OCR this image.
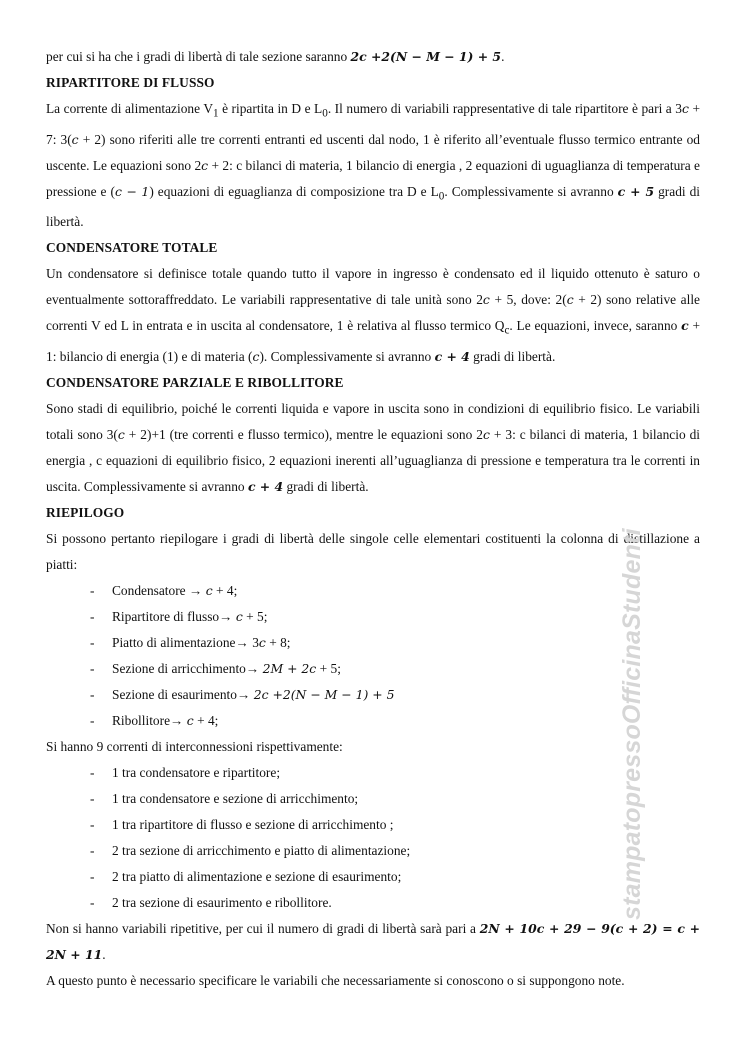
per cui si ha che i gradi di libertà di tale sezione saranno 2c +2(N − M − 1) + 5.

RIPARTITORE DI FLUSSO

La corrente di alimentazione $V_1$ è ripartita in D e $L_0$. Il numero di variabili rappresentative di tale ripartitore è pari a 3c + 7: 3(c + 2) sono riferiti alle tre correnti entranti ed uscenti dal nodo, 1 è riferito all’eventuale flusso termico entrante od uscente. Le equazioni sono 2c + 2: c bilanci di materia, 1 bilancio di energia , 2 equazioni di uguaglianza di temperatura e pressione e (c − 1) equazioni di eguaglianza di composizione tra D e $L_0$. Complessivamente si avranno c + 5 gradi di libertà.

CONDENSATORE TOTALE

Un condensatore si definisce totale quando tutto il vapore in ingresso è condensato ed il liquido ottenuto è saturo o eventualmente sottoraffreddato. Le variabili rappresentative di tale unità sono 2c + 5, dove: 2(c + 2) sono relative alle correnti V ed L in entrata e in uscita al condensatore, 1 è relativa al flusso termico $Q_c$. Le equazioni, invece, saranno c + 1: bilancio di energia (1) e di materia (c). Complessivamente si avranno c + 4 gradi di libertà.

CONDENSATORE PARZIALE E RIBOLLITORE

Sono stadi di equilibrio, poiché le correnti liquida e vapore in uscita sono in condizioni di equilibrio fisico. Le variabili totali sono 3(c + 2)+1 (tre correnti e flusso termico), mentre le equazioni sono 2c + 3: c bilanci di materia, 1 bilancio di energia , c equazioni di equilibrio fisico, 2 equazioni inerenti all’uguaglianza di pressione e temperatura tra le correnti in uscita. Complessivamente si avranno c + 4 gradi di libertà.

RIEPILOGO

Si possono pertanto riepilogare i gradi di libertà delle singole celle elementari costituenti la colonna di distillazione a piatti:

- Condensatore → c + 4;
- Ripartitore di flusso→ c + 5;
- Piatto di alimentazione→ 3c + 8;
- Sezione di arricchimento→ 2M + 2c + 5;
- Sezione di esaurimento→ 2c +2(N − M − 1) + 5
- Ribollitore→ c + 4;

Si hanno 9 correnti di interconnessioni rispettivamente:

- 1 tra condensatore e ripartitore;
- 1 tra condensatore e sezione di arricchimento;
- 1 tra ripartitore di flusso e sezione di arricchimento ;
- 2 tra sezione di arricchimento e piatto di alimentazione;
- 2 tra piatto di alimentazione e sezione di esaurimento;
- 2 tra sezione di esaurimento e ribollitore.

Non si hanno variabili ripetitive, per cui il numero di gradi di libertà sarà pari a 2N + 10c + 29 − 9(c + 2) = c + 2N + 11.

A questo punto è necessario specificare le variabili che necessariamente si conoscono o si suppongono note.

stampatopressoOfficinaStudenti
